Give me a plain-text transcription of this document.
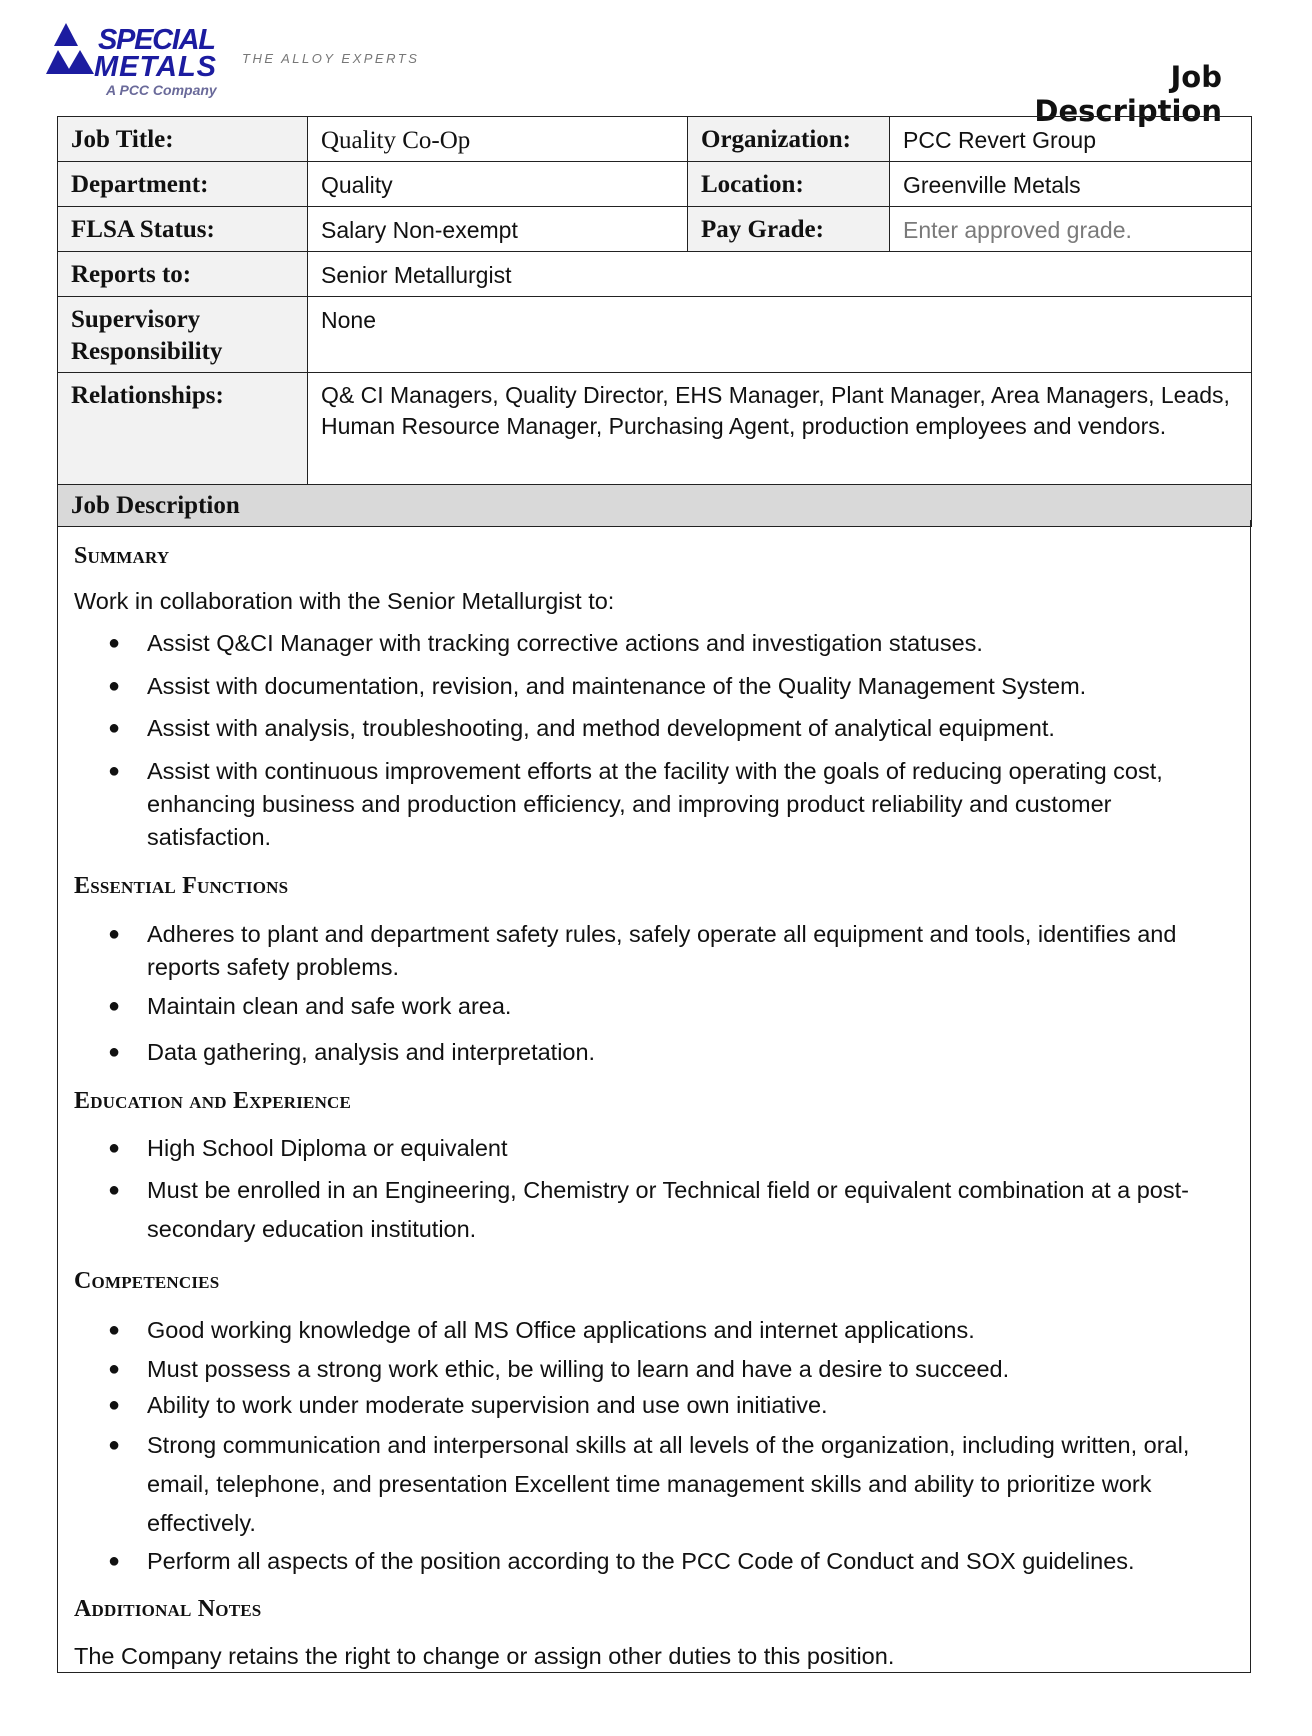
SPECIAL
METALS
A PCC Company
THE ALLOY EXPERTS
Job Description
Job Title:	Quality Co-Op	Organization:	PCC Revert Group
Department:	Quality	Location:	Greenville Metals
FLSA Status:	Salary Non-exempt	Pay Grade:	Enter approved grade.
Reports to:	Senior Metallurgist		
Supervisory
Responsibility	None		
Relationships:	Q& CI Managers, Quality Director, EHS Manager, Plant Manager, Area Managers, Leads, Human Resource Manager, Purchasing Agent, production employees and vendors.		
Job Description			
Summary
Work in collaboration with the Senior Metallurgist to:
● Assist Q&CI Manager with tracking corrective actions and investigation statuses.
● Assist with documentation, revision, and maintenance of the Quality Management System.
● Assist with analysis, troubleshooting, and method development of analytical equipment.
● Assist with continuous improvement efforts at the facility with the goals of reducing operating cost, enhancing business and production efficiency, and improving product reliability and customer satisfaction.
Essential Functions
● Adheres to plant and department safety rules, safely operate all equipment and tools, identifies and reports safety problems.
● Maintain clean and safe work area.
● Data gathering, analysis and interpretation.
Education and Experience
● High School Diploma or equivalent
● Must be enrolled in an Engineering, Chemistry or Technical field or equivalent combination at a post-secondary education institution.
Competencies
● Good working knowledge of all MS Office applications and internet applications.
● Must possess a strong work ethic, be willing to learn and have a desire to succeed.
● Ability to work under moderate supervision and use own initiative.
● Strong communication and interpersonal skills at all levels of the organization, including written, oral, email, telephone, and presentation Excellent time management skills and ability to prioritize work effectively.
● Perform all aspects of the position according to the PCC Code of Conduct and SOX guidelines.
Additional Notes
The Company retains the right to change or assign other duties to this position.
